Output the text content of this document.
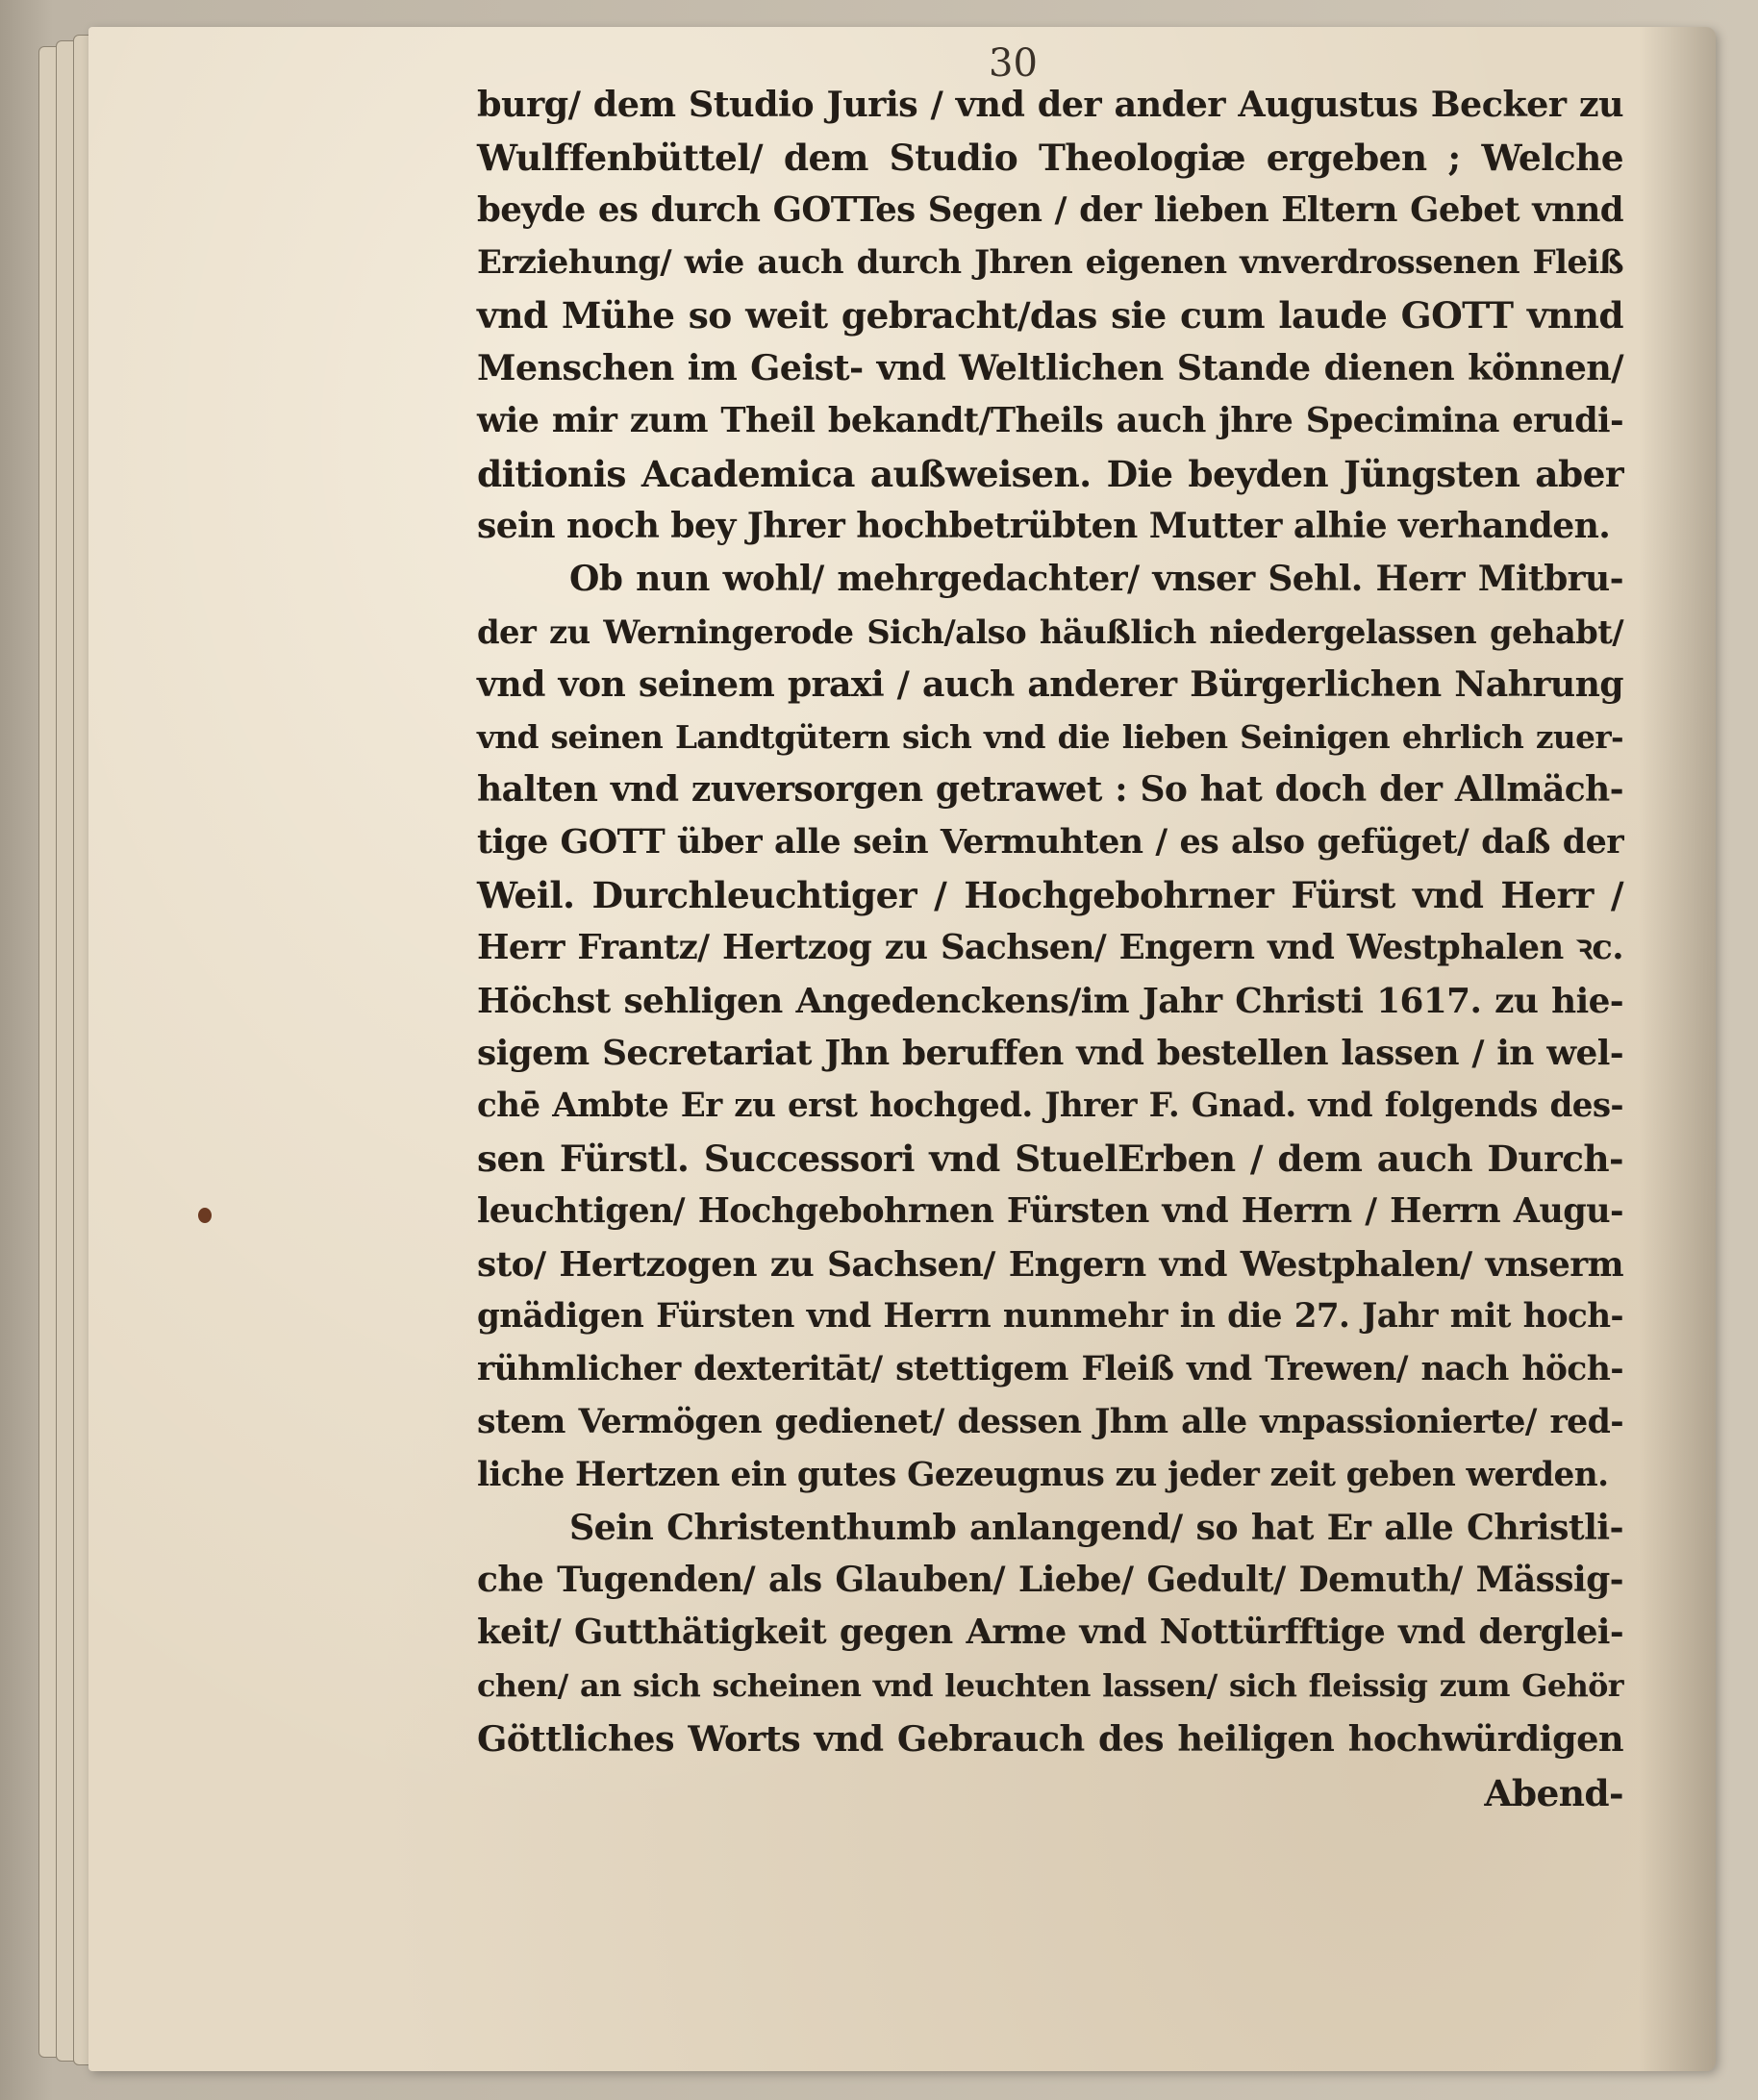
30
burg/ dem Studio Juris / vnd der ander Augustus Becker zu
Wulffenbüttel/ dem Studio Theologiæ ergeben ; Welche
beyde es durch GOTTes Segen / der lieben Eltern Gebet vnnd
Erziehung/ wie auch durch Jhren eigenen vnverdrossenen Fleiß
vnd Mühe so weit gebracht/das sie cum laude GOTT vnnd
Menschen im Geist- vnd Weltlichen Stande dienen können/
wie mir zum Theil bekandt/Theils auch jhre Specimina erudi-
ditionis Academica außweisen. Die beyden Jüngsten aber
sein noch bey Jhrer hochbetrübten Mutter alhie verhanden.
Ob nun wohl/ mehrgedachter/ vnser Sehl. Herr Mitbru-
der zu Werningerode Sich/also häußlich niedergelassen gehabt/
vnd von seinem praxi / auch anderer Bürgerlichen Nahrung
vnd seinen Landtgütern sich vnd die lieben Seinigen ehrlich zuer-
halten vnd zuversorgen getrawet : So hat doch der Allmäch-
tige GOTT über alle sein Vermuhten / es also gefüget/ daß der
Weil. Durchleuchtiger / Hochgebohrner Fürst vnd Herr /
Herr Frantz/ Hertzog zu Sachsen/ Engern vnd Westphalen ꝛc.
Höchst sehligen Angedenckens/im Jahr Christi 1617. zu hie-
sigem Secretariat Jhn beruffen vnd bestellen lassen / in wel-
chē Ambte Er zu erst hochged. Jhrer F. Gnad. vnd folgends des-
sen Fürstl. Successori vnd StuelErben / dem auch Durch-
leuchtigen/ Hochgebohrnen Fürsten vnd Herrn / Herrn Augu-
sto/ Hertzogen zu Sachsen/ Engern vnd Westphalen/ vnserm
gnädigen Fürsten vnd Herrn nunmehr in die 27. Jahr mit hoch-
rühmlicher dexteritāt/ stettigem Fleiß vnd Trewen/ nach höch-
stem Vermögen gedienet/ dessen Jhm alle vnpassionierte/ red-
liche Hertzen ein gutes Gezeugnus zu jeder zeit geben werden.
Sein Christenthumb anlangend/ so hat Er alle Christli-
che Tugenden/ als Glauben/ Liebe/ Gedult/ Demuth/ Mässig-
keit/ Gutthätigkeit gegen Arme vnd Nottürfftige vnd derglei-
chen/ an sich scheinen vnd leuchten lassen/ sich fleissig zum Gehör
Göttliches Worts vnd Gebrauch des heiligen hochwürdigen
Abend-
